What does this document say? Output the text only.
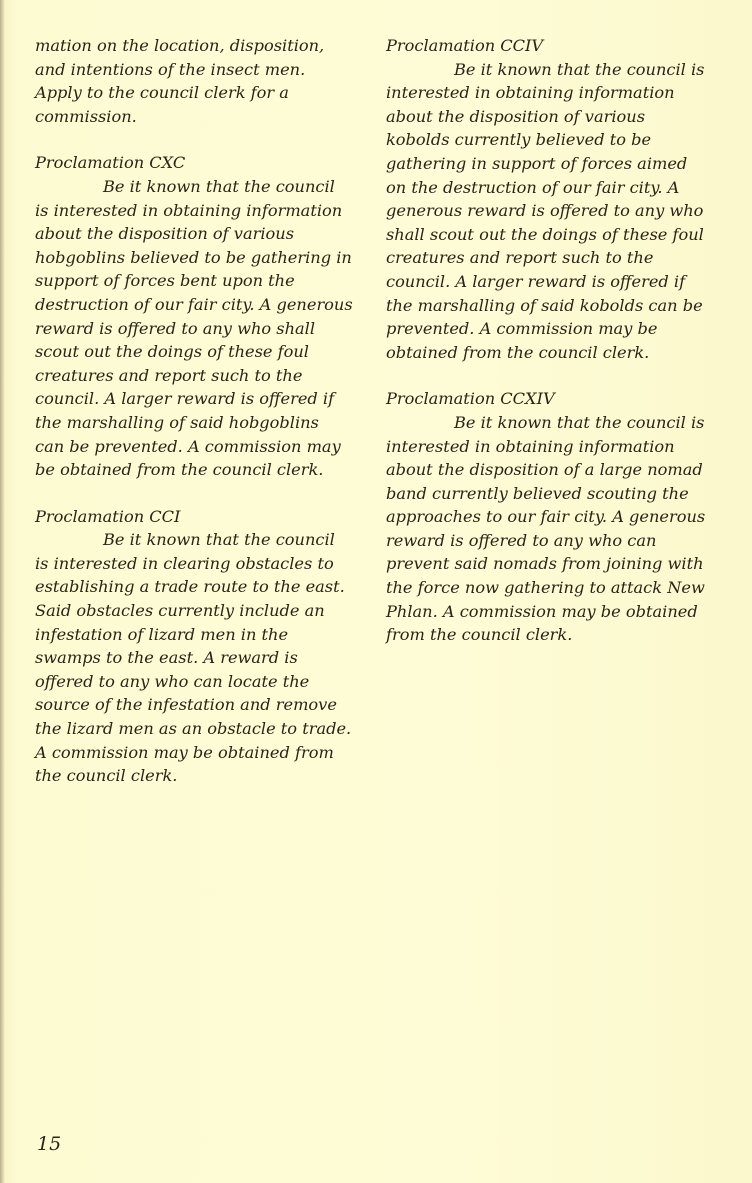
mation on the location, disposition, and intentions of the insect men. Apply to the council clerk for a commission.

Proclamation CXC

Be it known that the council is interested in obtaining information about the disposition of various hobgoblins believed to be gathering in support of forces bent upon the destruction of our fair city. A generous reward is offered to any who shall scout out the doings of these foul creatures and report such to the council. A larger reward is offered if the marshalling of said hobgoblins can be prevented. A commission may be obtained from the council clerk.

Proclamation CCI

Be it known that the council is interested in clearing obstacles to establishing a trade route to the east. Said obstacles currently include an infestation of lizard men in the swamps to the east. A reward is offered to any who can locate the source of the infestation and remove the lizard men as an obstacle to trade. A commission may be obtained from the council clerk.

Proclamation CCIV

Be it known that the council is interested in obtaining information about the disposition of various kobolds currently believed to be gathering in support of forces aimed on the destruction of our fair city. A generous reward is offered to any who shall scout out the doings of these foul creatures and report such to the council. A larger reward is offered if the marshalling of said kobolds can be prevented. A commission may be obtained from the council clerk.

Proclamation CCXIV

Be it known that the council is interested in obtaining information about the disposition of a large nomad band currently believed scouting the approaches to our fair city. A generous reward is offered to any who can prevent said nomads from joining with the force now gathering to attack New Phlan. A commission may be obtained from the council clerk.

15
